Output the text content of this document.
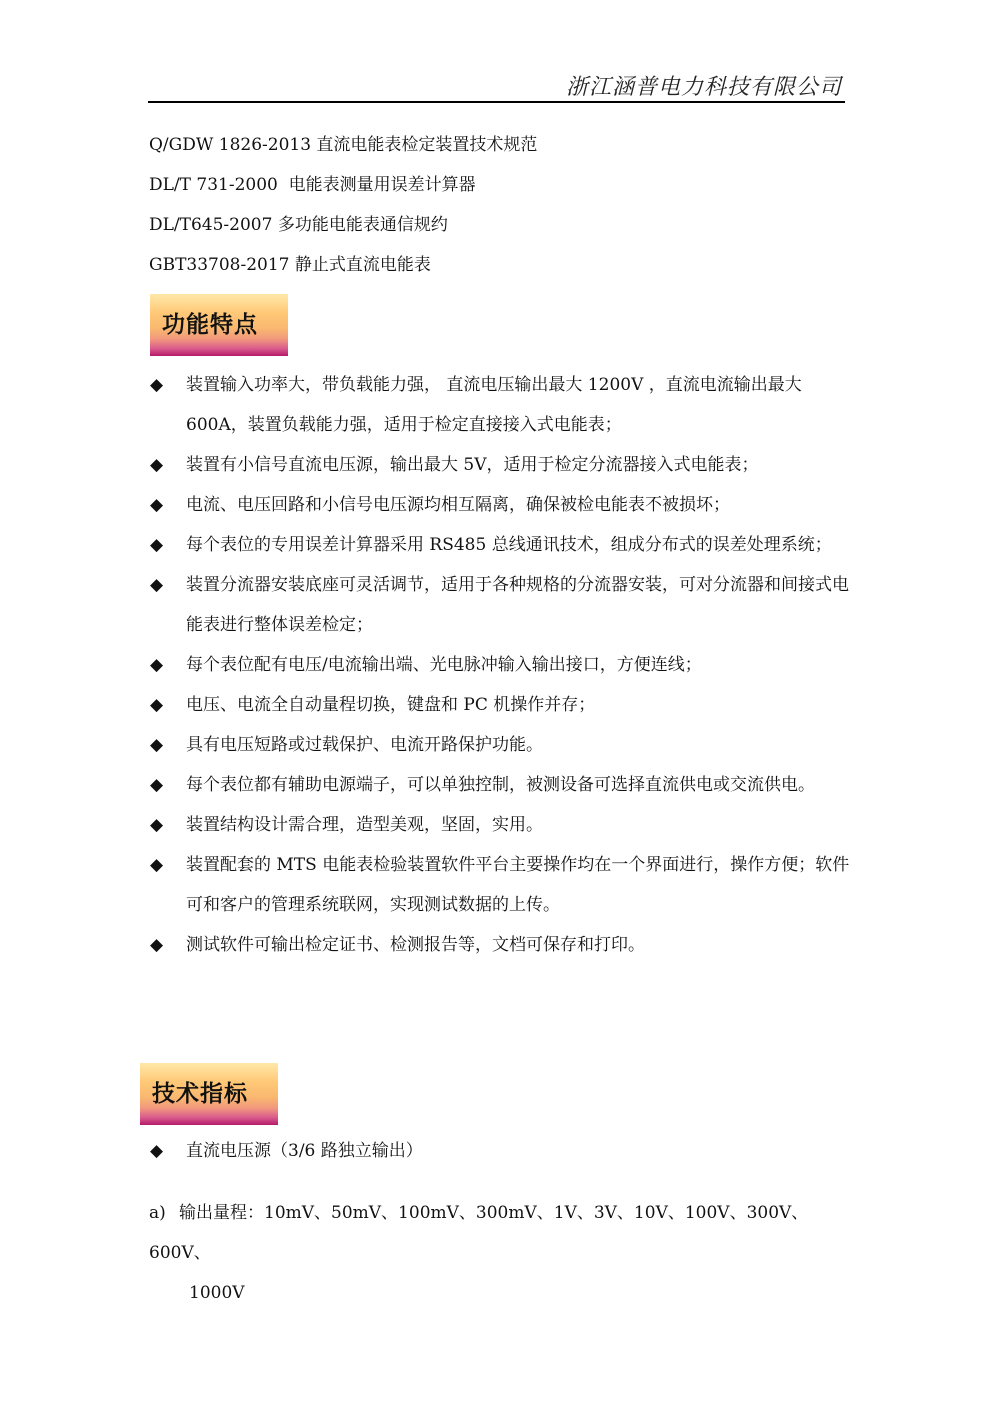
浙江涵普电力科技有限公司
Q/GDW 1826-2013 直流电能表检定装置技术规范
DL/T 731-2000  电能表测量用误差计算器
DL/T645-2007 多功能电能表通信规约
GBT33708-2017 静止式直流电能表
功能特点
◆ 装置输入功率大，带负载能力强， 直流电压输出最大 1200V ，直流电流输出最大 600A，装置负载能力强，适用于检定直接接入式电能表；
◆ 装置有小信号直流电压源，输出最大 5V，适用于检定分流器接入式电能表；
◆ 电流、电压回路和小信号电压源均相互隔离，确保被检电能表不被损坏；
◆ 每个表位的专用误差计算器采用 RS485 总线通讯技术，组成分布式的误差处理系统；
◆ 装置分流器安装底座可灵活调节，适用于各种规格的分流器安装，可对分流器和间接式电能表进行整体误差检定；
◆ 每个表位配有电压/电流输出端、光电脉冲输入输出接口，方便连线；
◆ 电压、电流全自动量程切换，键盘和 PC 机操作并存；
◆ 具有电压短路或过载保护、电流开路保护功能。
◆ 每个表位都有辅助电源端子，可以单独控制，被测设备可选择直流供电或交流供电。
◆ 装置结构设计需合理，造型美观，坚固，实用。
◆ 装置配套的 MTS 电能表检验装置软件平台主要操作均在一个界面进行，操作方便；软件可和客户的管理系统联网，实现测试数据的上传。
◆ 测试软件可输出检定证书、检测报告等，文档可保存和打印。
技术指标
◆ 直流电压源（3/6 路独立输出）
a) 输出量程：10mV、50mV、100mV、300mV、1V、3V、10V、100V、300V、600V、
1000V
